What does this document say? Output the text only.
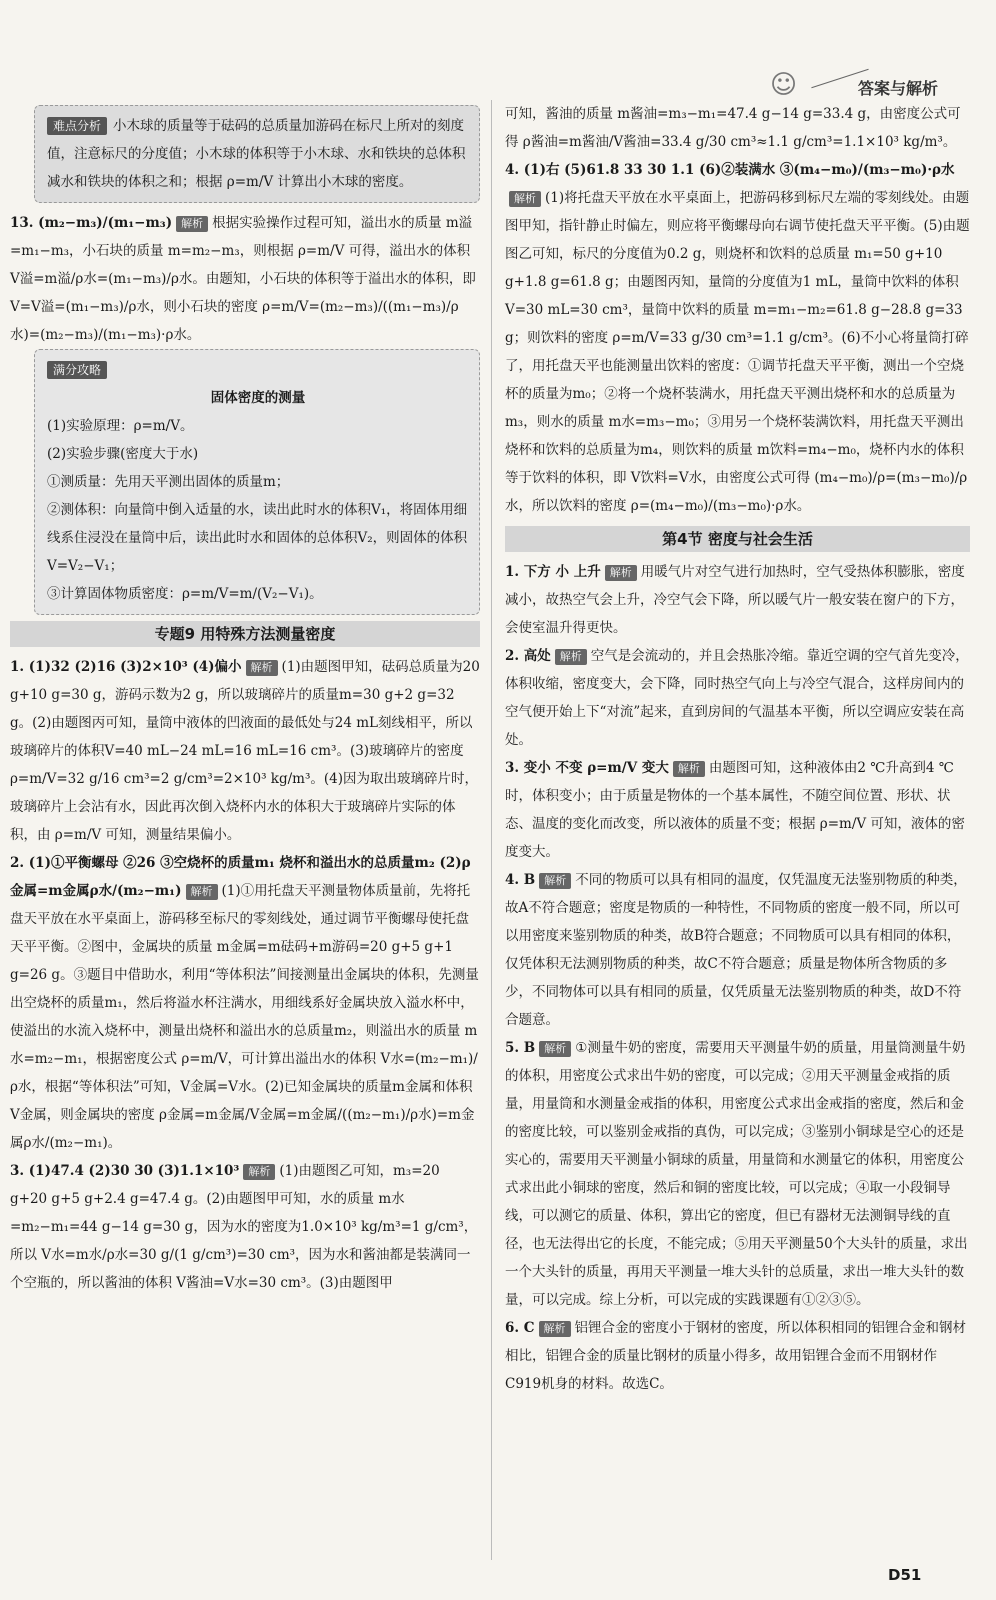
☺	答案与解析

难点分析 小木球的质量等于砝码的总质量加游码在标尺上所对的刻度值，注意标尺的分度值；小木球的体积等于小木球、水和铁块的总体积减水和铁块的体积之和；根据 ρ=m/V 计算出小木球的密度。

13. (m₂−m₃)/(m₁−m₃) 解析 根据实验操作过程可知，溢出水的质量 m溢=m₁−m₃，小石块的质量 m=m₂−m₃，则根据 ρ=m/V 可得，溢出水的体积 V溢=m溢/ρ水=(m₁−m₃)/ρ水。由题知，小石块的体积等于溢出水的体积，即 V=V溢=(m₁−m₃)/ρ水，则小石块的密度 ρ=m/V=(m₂−m₃)/((m₁−m₃)/ρ水)=(m₂−m₃)/(m₁−m₃)·ρ水。

满分攻略

固体密度的测量

(1)实验原理：ρ=m/V。

(2)实验步骤(密度大于水)

①测质量：先用天平测出固体的质量m；

②测体积：向量筒中倒入适量的水，读出此时水的体积V₁，将固体用细线系住浸没在量筒中后，读出此时水和固体的总体积V₂，则固体的体积V=V₂−V₁；

③计算固体物质密度：ρ=m/V=m/(V₂−V₁)。

专题9 用特殊方法测量密度

1. (1)32 (2)16 (3)2×10³ (4)偏小 解析 (1)由题图甲知，砝码总质量为20 g+10 g=30 g，游码示数为2 g，所以玻璃碎片的质量m=30 g+2 g=32 g。(2)由题图丙可知，量筒中液体的凹液面的最低处与24 mL刻线相平，所以玻璃碎片的体积V=40 mL−24 mL=16 mL=16 cm³。(3)玻璃碎片的密度 ρ=m/V=32 g/16 cm³=2 g/cm³=2×10³ kg/m³。(4)因为取出玻璃碎片时，玻璃碎片上会沾有水，因此再次倒入烧杯内水的体积大于玻璃碎片实际的体积，由 ρ=m/V 可知，测量结果偏小。

2. (1)①平衡螺母 ②26 ③空烧杯的质量m₁ 烧杯和溢出水的总质量m₂ (2)ρ金属=m金属ρ水/(m₂−m₁) 解析 (1)①用托盘天平测量物体质量前，先将托盘天平放在水平桌面上，游码移至标尺的零刻线处，通过调节平衡螺母使托盘天平平衡。②图中，金属块的质量 m金属=m砝码+m游码=20 g+5 g+1 g=26 g。③题目中借助水，利用“等体积法”间接测量出金属块的体积，先测量出空烧杯的质量m₁，然后将溢水杯注满水，用细线系好金属块放入溢水杯中，使溢出的水流入烧杯中，测量出烧杯和溢出水的总质量m₂，则溢出水的质量 m水=m₂−m₁，根据密度公式 ρ=m/V，可计算出溢出水的体积 V水=(m₂−m₁)/ρ水，根据“等体积法”可知，V金属=V水。(2)已知金属块的质量m金属和体积V金属，则金属块的密度 ρ金属=m金属/V金属=m金属/((m₂−m₁)/ρ水)=m金属ρ水/(m₂−m₁)。

3. (1)47.4 (2)30 30 (3)1.1×10³ 解析 (1)由题图乙可知，m₃=20 g+20 g+5 g+2.4 g=47.4 g。(2)由题图甲可知，水的质量 m水=m₂−m₁=44 g−14 g=30 g，因为水的密度为1.0×10³ kg/m³=1 g/cm³，所以 V水=m水/ρ水=30 g/(1 g/cm³)=30 cm³，因为水和酱油都是装满同一个空瓶的，所以酱油的体积 V酱油=V水=30 cm³。(3)由题图甲

可知，酱油的质量 m酱油=m₃−m₁=47.4 g−14 g=33.4 g，由密度公式可得 ρ酱油=m酱油/V酱油=33.4 g/30 cm³≈1.1 g/cm³=1.1×10³ kg/m³。

4. (1)右 (5)61.8 33 30 1.1 (6)②装满水 ③(m₄−m₀)/(m₃−m₀)·ρ水解析 (1)将托盘天平放在水平桌面上，把游码移到标尺左端的零刻线处。由题图甲知，指针静止时偏左，则应将平衡螺母向右调节使托盘天平平衡。(5)由题图乙可知，标尺的分度值为0.2 g，则烧杯和饮料的总质量 m₁=50 g+10 g+1.8 g=61.8 g；由题图丙知，量筒的分度值为1 mL，量筒中饮料的体积 V=30 mL=30 cm³，量筒中饮料的质量 m=m₁−m₂=61.8 g−28.8 g=33 g；则饮料的密度 ρ=m/V=33 g/30 cm³=1.1 g/cm³。(6)不小心将量筒打碎了，用托盘天平也能测量出饮料的密度：①调节托盘天平平衡，测出一个空烧杯的质量为m₀；②将一个烧杯装满水，用托盘天平测出烧杯和水的总质量为m₃，则水的质量 m水=m₃−m₀；③用另一个烧杯装满饮料，用托盘天平测出烧杯和饮料的总质量为m₄，则饮料的质量 m饮料=m₄−m₀，烧杯内水的体积等于饮料的体积，即 V饮料=V水，由密度公式可得 (m₄−m₀)/ρ=(m₃−m₀)/ρ水，所以饮料的密度 ρ=(m₄−m₀)/(m₃−m₀)·ρ水。

第4节 密度与社会生活

1. 下方 小 上升 解析 用暖气片对空气进行加热时，空气受热体积膨胀，密度减小，故热空气会上升，冷空气会下降，所以暖气片一般安装在窗户的下方，会使室温升得更快。

2. 高处 解析 空气是会流动的，并且会热胀冷缩。靠近空调的空气首先变冷，体积收缩，密度变大，会下降，同时热空气向上与冷空气混合，这样房间内的空气便开始上下“对流”起来，直到房间的气温基本平衡，所以空调应安装在高处。

3. 变小 不变 ρ=m/V 变大 解析 由题图可知，这种液体由2 ℃升高到4 ℃时，体积变小；由于质量是物体的一个基本属性，不随空间位置、形状、状态、温度的变化而改变，所以液体的质量不变；根据 ρ=m/V 可知，液体的密度变大。

4. B 解析 不同的物质可以具有相同的温度，仅凭温度无法鉴别物质的种类，故A不符合题意；密度是物质的一种特性，不同物质的密度一般不同，所以可以用密度来鉴别物质的种类，故B符合题意；不同物质可以具有相同的体积，仅凭体积无法测别物质的种类，故C不符合题意；质量是物体所含物质的多少，不同物体可以具有相同的质量，仅凭质量无法鉴别物质的种类，故D不符合题意。

5. B 解析 ①测量牛奶的密度，需要用天平测量牛奶的质量，用量筒测量牛奶的体积，用密度公式求出牛奶的密度，可以完成；②用天平测量金戒指的质量，用量筒和水测量金戒指的体积，用密度公式求出金戒指的密度，然后和金的密度比较，可以鉴别金戒指的真伪，可以完成；③鉴别小铜球是空心的还是实心的，需要用天平测量小铜球的质量，用量筒和水测量它的体积，用密度公式求出此小铜球的密度，然后和铜的密度比较，可以完成；④取一小段铜导线，可以测它的质量、体积，算出它的密度，但已有器材无法测铜导线的直径，也无法得出它的长度，不能完成；⑤用天平测量50个大头针的质量，求出一个大头针的质量，再用天平测量一堆大头针的总质量，求出一堆大头针的数量，可以完成。综上分析，可以完成的实践课题有①②③⑤。

6. C 解析 铝锂合金的密度小于钢材的密度，所以体积相同的铝锂合金和钢材相比，铝锂合金的质量比钢材的质量小得多，故用铝锂合金而不用钢材作C919机身的材料。故选C。

D51
